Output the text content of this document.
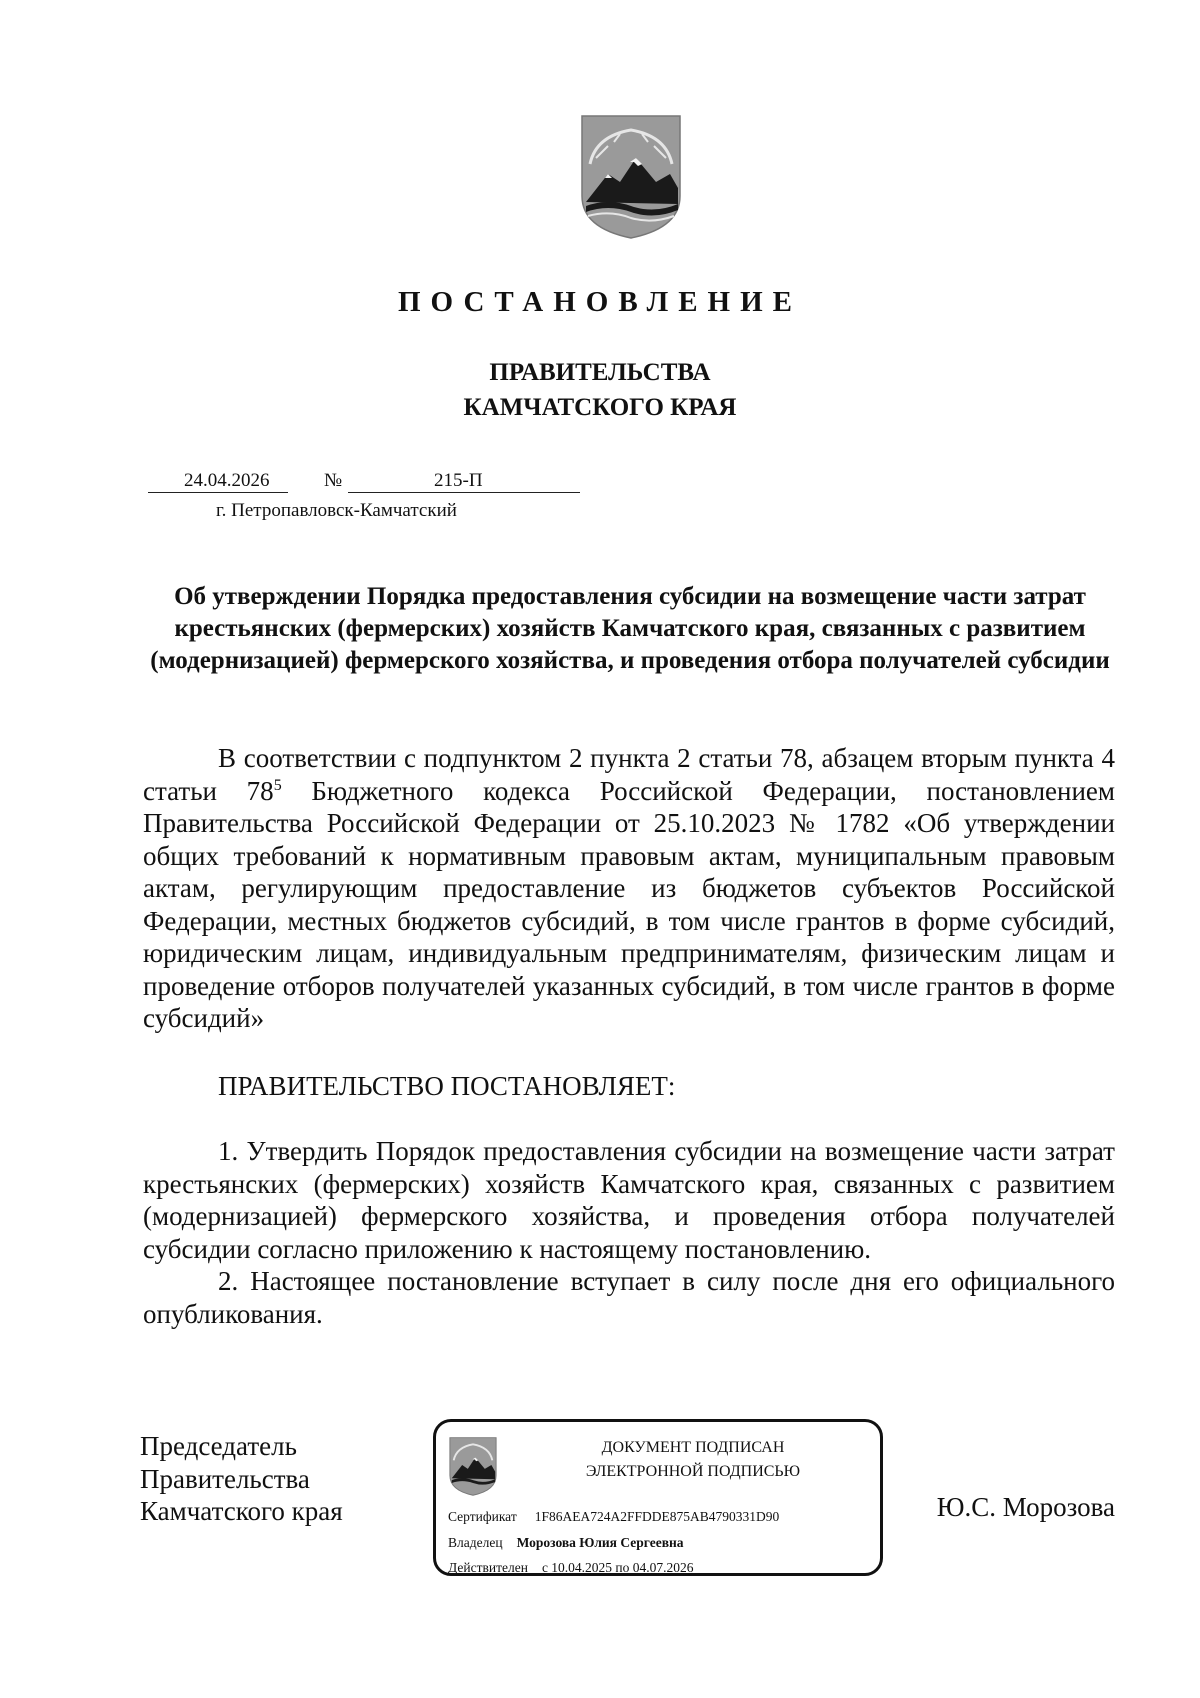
ПОСТАНОВЛЕНИЕ
ПРАВИТЕЛЬСТВА
КАМЧАТСКОГО КРАЯ
24.04.2026	№	215-П
г. Петропавловск-Камчатский
Об утверждении Порядка предоставления субсидии на возмещение части затрат крестьянских (фермерских) хозяйств Камчатского края, связанных с развитием (модернизацией) фермерского хозяйства, и проведения отбора получателей субсидии
В соответствии с подпунктом 2 пункта 2 статьи 78, абзацем вторым пункта 4 статьи $78^5$ Бюджетного кодекса Российской Федерации, постановлением Правительства Российской Федерации от 25.10.2023 № 1782 «Об утверждении общих требований к нормативным правовым актам, муниципальным правовым актам, регулирующим предоставление из бюджетов субъектов Российской Федерации, местных бюджетов субсидий, в том числе грантов в форме субсидий, юридическим лицам, индивидуальным предпринимателям, физическим лицам и проведение отборов получателей указанных субсидий, в том числе грантов в форме субсидий»
ПРАВИТЕЛЬСТВО ПОСТАНОВЛЯЕТ:
1. Утвердить Порядок предоставления субсидии на возмещение части затрат крестьянских (фермерских) хозяйств Камчатского края, связанных с развитием (модернизацией) фермерского хозяйства, и проведения отбора получателей субсидии согласно приложению к настоящему постановлению.
2. Настоящее постановление вступает в силу после дня его официального опубликования.
Председатель
Правительства
Камчатского края
ДОКУМЕНТ ПОДПИСАН
ЭЛЕКТРОННОЙ ПОДПИСЬЮ
Сертификат 1F86AEA724A2FFDDE875AB4790331D90
Владелец Морозова Юлия Сергеевна
Действителен с 10.04.2025 по 04.07.2026
Ю.С. Морозова
